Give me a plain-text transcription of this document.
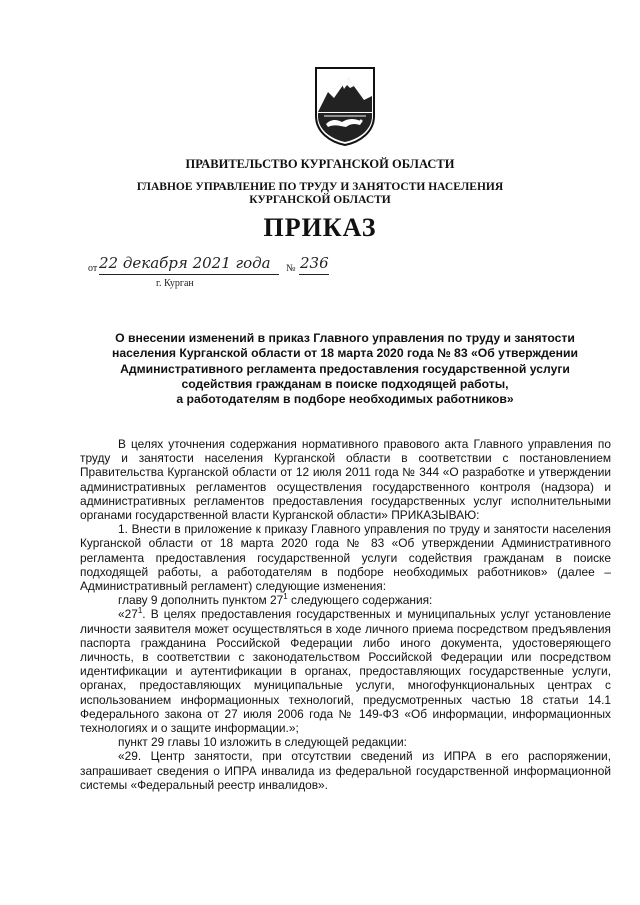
ПРАВИТЕЛЬСТВО КУРГАНСКОЙ ОБЛАСТИ
ГЛАВНОЕ УПРАВЛЕНИЕ ПО ТРУДУ И ЗАНЯТОСТИ НАСЕЛЕНИЯ
КУРГАНСКОЙ ОБЛАСТИ
ПРИКАЗ
от 22 декабря 2021 года № 236
г. Курган
О внесении изменений в приказ Главного управления по труду и занятости
населения Курганской области от 18 марта 2020 года № 83 «Об утверждении
Административного регламента предоставления государственной услуги
содействия гражданам в поиске подходящей работы,
а работодателям в подборе необходимых работников»

В целях уточнения содержания нормативного правового акта Главного управления по труду и занятости населения Курганской области в соответствии с постановлением Правительства Курганской области от 12 июля 2011 года № 344 «О разработке и утверждении административных регламентов осуществления государственного контроля (надзора) и административных регламентов предоставления государственных услуг исполнительными органами государственной власти Курганской области» ПРИКАЗЫВАЮ:

1. Внести в приложение к приказу Главного управления по труду и занятости населения Курганской области от 18 марта 2020 года № 83 «Об утверждении Административного регламента предоставления государственной услуги содействия гражданам в поиске подходящей работы, а работодателям в подборе необходимых работников» (далее – Административный регламент) следующие изменения:

главу 9 дополнить пунктом $27^1$ следующего содержания:

«$27^1$. В целях предоставления государственных и муниципальных услуг установление личности заявителя может осуществляться в ходе личного приема посредством предъявления паспорта гражданина Российской Федерации либо иного документа, удостоверяющего личность, в соответствии с законодательством Российской Федерации или посредством идентификации и аутентификации в органах, предоставляющих государственные услуги, органах, предоставляющих муниципальные услуги, многофункциональных центрах с использованием информационных технологий, предусмотренных частью 18 статьи 14.1 Федерального закона от 27 июля 2006 года № 149-ФЗ «Об информации, информационных технологиях и о защите информации.»;

пункт 29 главы 10 изложить в следующей редакции:

«29. Центр занятости, при отсутствии сведений из ИПРА в его распоряжении, запрашивает сведения о ИПРА инвалида из федеральной государственной информационной системы «Федеральный реестр инвалидов».
